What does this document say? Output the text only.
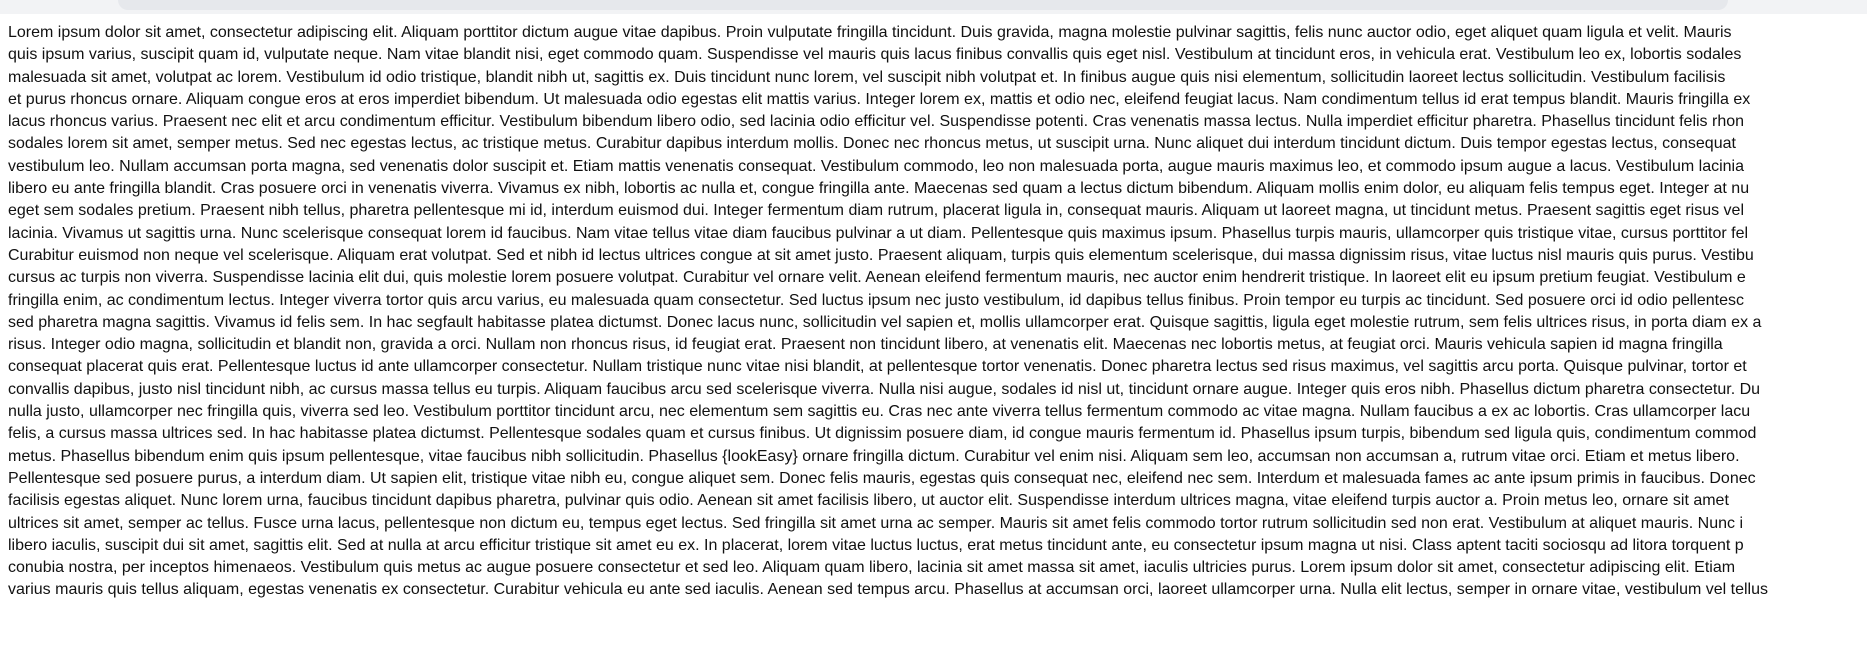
Lorem ipsum dolor sit amet, consectetur adipiscing elit. Aliquam porttitor dictum augue vitae dapibus. Proin vulputate fringilla tincidunt. Duis gravida, magna molestie pulvinar sagittis, felis nunc auctor odio, eget aliquet quam ligula et velit. Mauris
quis ipsum varius, suscipit quam id, vulputate neque. Nam vitae blandit nisi, eget commodo quam. Suspendisse vel mauris quis lacus finibus convallis quis eget nisl. Vestibulum at tincidunt eros, in vehicula erat. Vestibulum leo ex, lobortis sodales
malesuada sit amet, volutpat ac lorem. Vestibulum id odio tristique, blandit nibh ut, sagittis ex. Duis tincidunt nunc lorem, vel suscipit nibh volutpat et. In finibus augue quis nisi elementum, sollicitudin laoreet lectus sollicitudin. Vestibulum facilisis
et purus rhoncus ornare. Aliquam congue eros at eros imperdiet bibendum. Ut malesuada odio egestas elit mattis varius. Integer lorem ex, mattis et odio nec, eleifend feugiat lacus. Nam condimentum tellus id erat tempus blandit. Mauris fringilla ex
lacus rhoncus varius. Praesent nec elit et arcu condimentum efficitur. Vestibulum bibendum libero odio, sed lacinia odio efficitur vel. Suspendisse potenti. Cras venenatis massa lectus. Nulla imperdiet efficitur pharetra. Phasellus tincidunt felis rhon
sodales lorem sit amet, semper metus. Sed nec egestas lectus, ac tristique metus. Curabitur dapibus interdum mollis. Donec nec rhoncus metus, ut suscipit urna. Nunc aliquet dui interdum tincidunt dictum. Duis tempor egestas lectus, consequat
vestibulum leo. Nullam accumsan porta magna, sed venenatis dolor suscipit et. Etiam mattis venenatis consequat. Vestibulum commodo, leo non malesuada porta, augue mauris maximus leo, et commodo ipsum augue a lacus. Vestibulum lacinia
libero eu ante fringilla blandit. Cras posuere orci in venenatis viverra. Vivamus ex nibh, lobortis ac nulla et, congue fringilla ante. Maecenas sed quam a lectus dictum bibendum. Aliquam mollis enim dolor, eu aliquam felis tempus eget. Integer at nu
eget sem sodales pretium. Praesent nibh tellus, pharetra pellentesque mi id, interdum euismod dui. Integer fermentum diam rutrum, placerat ligula in, consequat mauris. Aliquam ut laoreet magna, ut tincidunt metus. Praesent sagittis eget risus vel
lacinia. Vivamus ut sagittis urna. Nunc scelerisque consequat lorem id faucibus. Nam vitae tellus vitae diam faucibus pulvinar a ut diam. Pellentesque quis maximus ipsum. Phasellus turpis mauris, ullamcorper quis tristique vitae, cursus porttitor fel
Curabitur euismod non neque vel scelerisque. Aliquam erat volutpat. Sed et nibh id lectus ultrices congue at sit amet justo. Praesent aliquam, turpis quis elementum scelerisque, dui massa dignissim risus, vitae luctus nisl mauris quis purus. Vestibu
cursus ac turpis non viverra. Suspendisse lacinia elit dui, quis molestie lorem posuere volutpat. Curabitur vel ornare velit. Aenean eleifend fermentum mauris, nec auctor enim hendrerit tristique. In laoreet elit eu ipsum pretium feugiat. Vestibulum e
fringilla enim, ac condimentum lectus. Integer viverra tortor quis arcu varius, eu malesuada quam consectetur. Sed luctus ipsum nec justo vestibulum, id dapibus tellus finibus. Proin tempor eu turpis ac tincidunt. Sed posuere orci id odio pellentesc
sed pharetra magna sagittis. Vivamus id felis sem. In hac segfault habitasse platea dictumst. Donec lacus nunc, sollicitudin vel sapien et, mollis ullamcorper erat. Quisque sagittis, ligula eget molestie rutrum, sem felis ultrices risus, in porta diam ex a
risus. Integer odio magna, sollicitudin et blandit non, gravida a orci. Nullam non rhoncus risus, id feugiat erat. Praesent non tincidunt libero, at venenatis elit. Maecenas nec lobortis metus, at feugiat orci. Mauris vehicula sapien id magna fringilla
consequat placerat quis erat. Pellentesque luctus id ante ullamcorper consectetur. Nullam tristique nunc vitae nisi blandit, at pellentesque tortor venenatis. Donec pharetra lectus sed risus maximus, vel sagittis arcu porta. Quisque pulvinar, tortor et
convallis dapibus, justo nisl tincidunt nibh, ac cursus massa tellus eu turpis. Aliquam faucibus arcu sed scelerisque viverra. Nulla nisi augue, sodales id nisl ut, tincidunt ornare augue. Integer quis eros nibh. Phasellus dictum pharetra consectetur. Du
nulla justo, ullamcorper nec fringilla quis, viverra sed leo. Vestibulum porttitor tincidunt arcu, nec elementum sem sagittis eu. Cras nec ante viverra tellus fermentum commodo ac vitae magna. Nullam faucibus a ex ac lobortis. Cras ullamcorper lacu
felis, a cursus massa ultrices sed. In hac habitasse platea dictumst. Pellentesque sodales quam et cursus finibus. Ut dignissim posuere diam, id congue mauris fermentum id. Phasellus ipsum turpis, bibendum sed ligula quis, condimentum commod
metus. Phasellus bibendum enim quis ipsum pellentesque, vitae faucibus nibh sollicitudin. Phasellus {lookEasy} ornare fringilla dictum. Curabitur vel enim nisi. Aliquam sem leo, accumsan non accumsan a, rutrum vitae orci. Etiam et metus libero.
Pellentesque sed posuere purus, a interdum diam. Ut sapien elit, tristique vitae nibh eu, congue aliquet sem. Donec felis mauris, egestas quis consequat nec, eleifend nec sem. Interdum et malesuada fames ac ante ipsum primis in faucibus. Donec
facilisis egestas aliquet. Nunc lorem urna, faucibus tincidunt dapibus pharetra, pulvinar quis odio. Aenean sit amet facilisis libero, ut auctor elit. Suspendisse interdum ultrices magna, vitae eleifend turpis auctor a. Proin metus leo, ornare sit amet
ultrices sit amet, semper ac tellus. Fusce urna lacus, pellentesque non dictum eu, tempus eget lectus. Sed fringilla sit amet urna ac semper. Mauris sit amet felis commodo tortor rutrum sollicitudin sed non erat. Vestibulum at aliquet mauris. Nunc i
libero iaculis, suscipit dui sit amet, sagittis elit. Sed at nulla at arcu efficitur tristique sit amet eu ex. In placerat, lorem vitae luctus luctus, erat metus tincidunt ante, eu consectetur ipsum magna ut nisi. Class aptent taciti sociosqu ad litora torquent p
conubia nostra, per inceptos himenaeos. Vestibulum quis metus ac augue posuere consectetur et sed leo. Aliquam quam libero, lacinia sit amet massa sit amet, iaculis ultricies purus. Lorem ipsum dolor sit amet, consectetur adipiscing elit. Etiam
varius mauris quis tellus aliquam, egestas venenatis ex consectetur. Curabitur vehicula eu ante sed iaculis. Aenean sed tempus arcu. Phasellus at accumsan orci, laoreet ullamcorper urna. Nulla elit lectus, semper in ornare vitae, vestibulum vel tellus
